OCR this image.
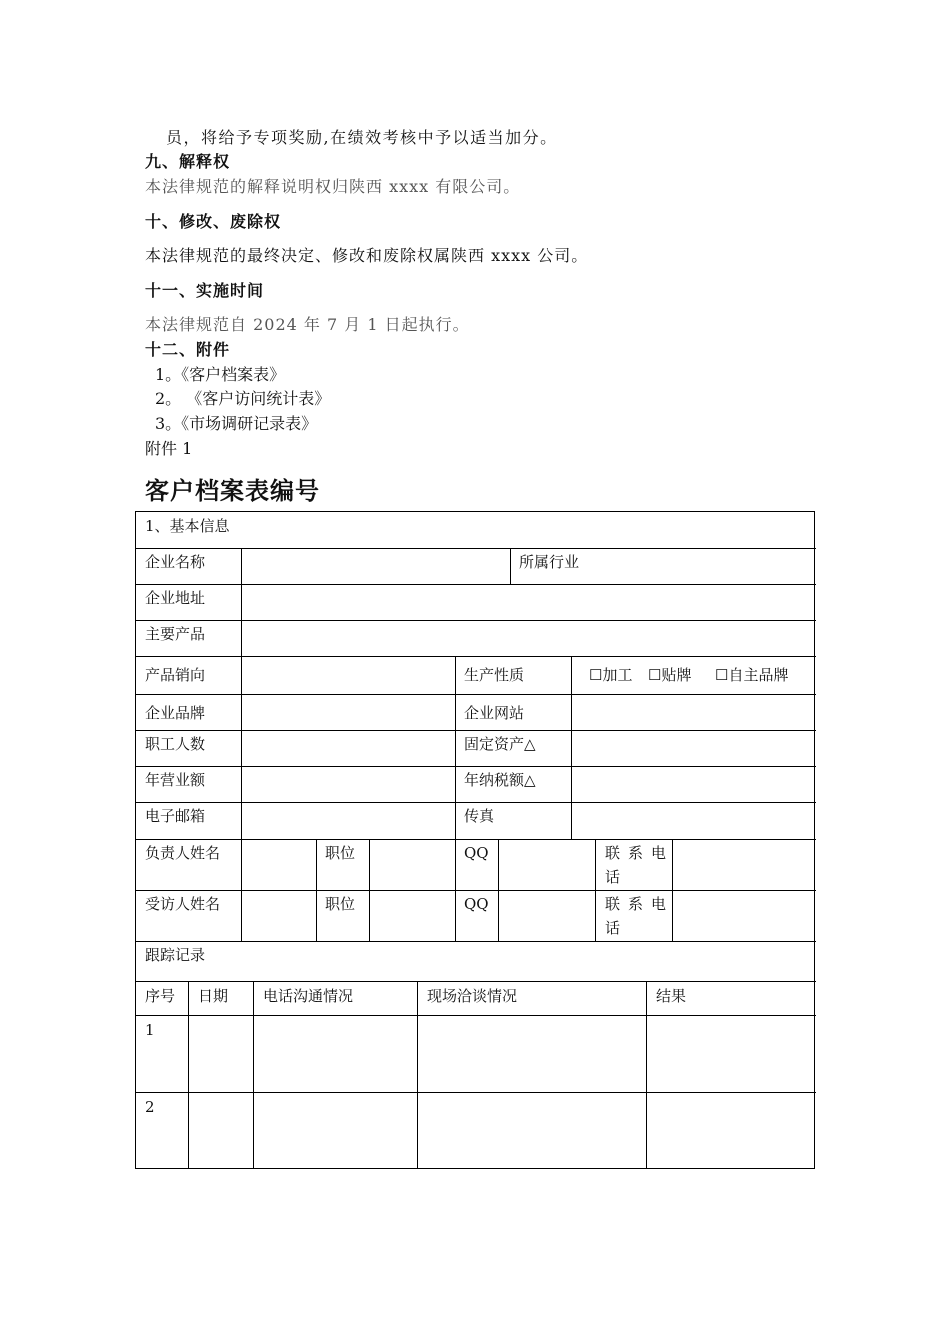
员，将给予专项奖励,在绩效考核中予以适当加分。

九、解释权

本法律规范的解释说明权归陕西 xxxx 有限公司。

十、修改、废除权

本法律规范的最终决定、修改和废除权属陕西 xxxx 公司。

十一、实施时间

本法律规范自 2024 年 7 月 1 日起执行。

十二、附件

1。《客户档案表》

2。 《客户访问统计表》

3。《市场调研记录表》

附件 1

客户档案表编号

1、基本信息
企业名称	所属行业
企业地址
主要产品
产品销向	生产性质	☐加工 ☐贴牌 ☐自主品牌
企业品牌	企业网站
职工人数	固定资产△
年营业额	年纳税额△
电子邮箱	传真
负责人姓名	职位	QQ	联系电
话
受访人姓名	职位	QQ	联系电
话
跟踪记录
序号 日期 电话沟通情况	现场洽谈情况	结果
1
2
